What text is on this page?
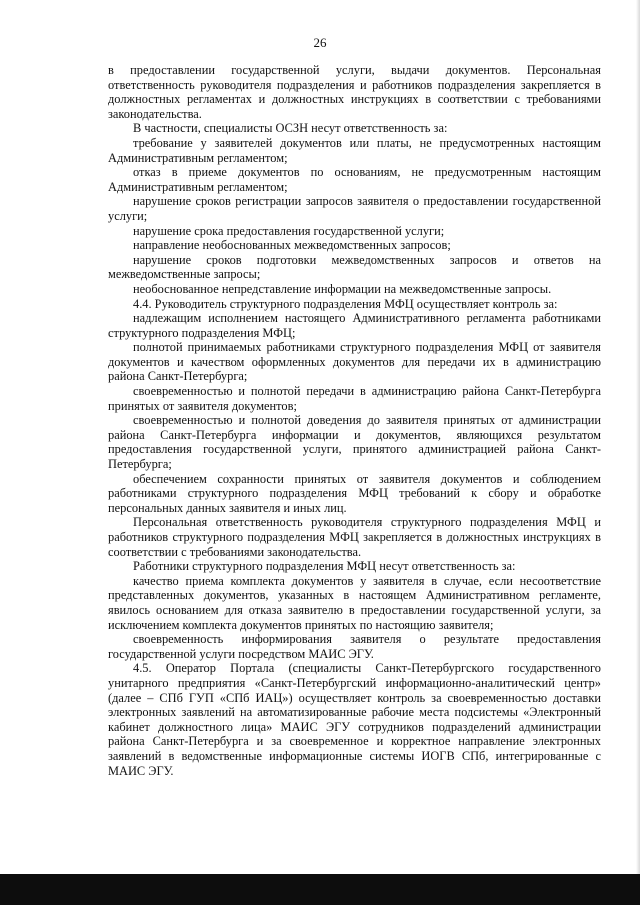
26

в предоставлении государственной услуги, выдачи документов. Персональная ответственность руководителя подразделения и работников подразделения закрепляется в должностных регламентах и должностных инструкциях в соответствии с требованиями законодательства.

В частности, специалисты ОСЗН несут ответственность за:

требование у заявителей документов или платы, не предусмотренных настоящим Административным регламентом;

отказ в приеме документов по основаниям, не предусмотренным настоящим Административным регламентом;

нарушение сроков регистрации запросов заявителя о предоставлении государственной услуги;

нарушение срока предоставления государственной услуги;

направление необоснованных межведомственных запросов;

нарушение сроков подготовки межведомственных запросов и ответов на межведомственные запросы;

необоснованное непредставление информации на межведомственные запросы.

4.4. Руководитель структурного подразделения МФЦ осуществляет контроль за:

надлежащим исполнением настоящего Административного регламента работниками структурного подразделения МФЦ;

полнотой принимаемых работниками структурного подразделения МФЦ от заявителя документов и качеством оформленных документов для передачи их в администрацию района Санкт-Петербурга;

своевременностью и полнотой передачи в администрацию района Санкт-Петербурга принятых от заявителя документов;

своевременностью и полнотой доведения до заявителя принятых от администрации района Санкт-Петербурга информации и документов, являющихся результатом предоставления государственной услуги, принятого администрацией района Санкт-Петербурга;

обеспечением сохранности принятых от заявителя документов и соблюдением работниками структурного подразделения МФЦ требований к сбору и обработке персональных данных заявителя и иных лиц.

Персональная ответственность руководителя структурного подразделения МФЦ и работников структурного подразделения МФЦ закрепляется в должностных инструкциях в соответствии с требованиями законодательства.

Работники структурного подразделения МФЦ несут ответственность за:

качество приема комплекта документов у заявителя в случае, если несоответствие представленных документов, указанных в настоящем Административном регламенте, явилось основанием для отказа заявителю в предоставлении государственной услуги, за исключением комплекта документов принятых по настоящию заявителя;

своевременность информирования заявителя о результате предоставления государственной услуги посредством МАИС ЭГУ.

4.5. Оператор Портала (специалисты Санкт-Петербургского государственного унитарного предприятия «Санкт-Петербургский информационно-аналитический центр» (далее – СПб ГУП «СПб ИАЦ») осуществляет контроль за своевременностью доставки электронных заявлений на автоматизированные рабочие места подсистемы «Электронный кабинет должностного лица» МАИС ЭГУ сотрудников подразделений администрации района Санкт-Петербурга и за своевременное и корректное направление электронных заявлений в ведомственные информационные системы ИОГВ СПб, интегрированные с МАИС ЭГУ.
